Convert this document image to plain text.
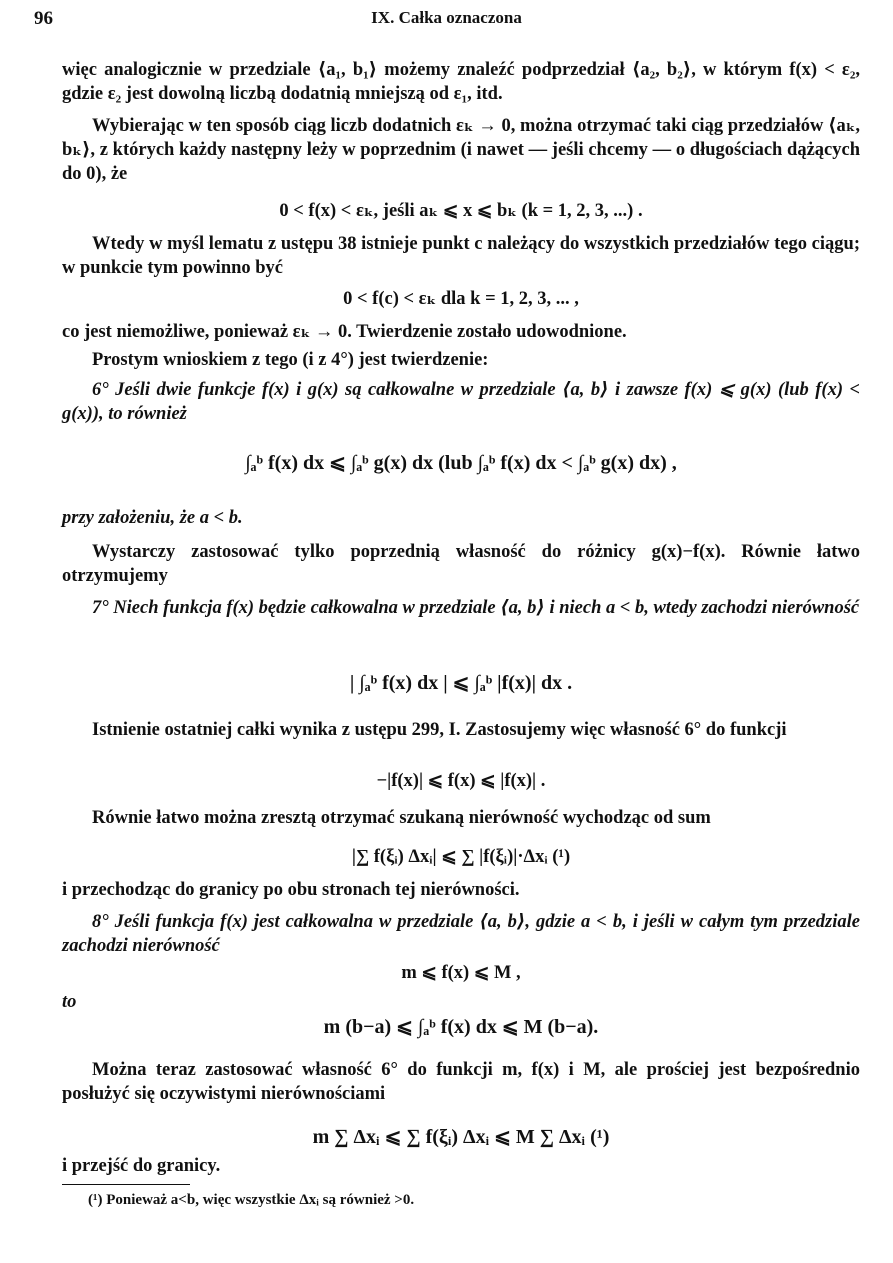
96	IX. Całka oznaczona
więc analogicznie w przedziale ⟨a₁, b₁⟩ możemy znaleźć podprzedział ⟨a₂, b₂⟩, w którym f(x) < ε₂, gdzie ε₂ jest dowolną liczbą dodatnią mniejszą od ε₁, itd.
Wybierając w ten sposób ciąg liczb dodatnich εₖ → 0, można otrzymać taki ciąg przedziałów ⟨aₖ, bₖ⟩, z których każdy następny leży w poprzednim (i nawet — jeśli chcemy — o długościach dążących do 0), że
0 < f(x) < εₖ, jeśli aₖ ⩽ x ⩽ bₖ (k = 1, 2, 3, ...) .
Wtedy w myśl lematu z ustępu 38 istnieje punkt c należący do wszystkich przedziałów tego ciągu; w punkcie tym powinno być
0 < f(c) < εₖ dla k = 1, 2, 3, ... ,
co jest niemożliwe, ponieważ εₖ → 0. Twierdzenie zostało udowodnione.
Prostym wnioskiem z tego (i z 4°) jest twierdzenie:
6° Jeśli dwie funkcje f(x) i g(x) są całkowalne w przedziale ⟨a, b⟩ i zawsze f(x) ⩽ g(x) (lub f(x) < g(x)), to również
∫ₐᵇ f(x) dx ⩽ ∫ₐᵇ g(x) dx (lub ∫ₐᵇ f(x) dx < ∫ₐᵇ g(x) dx) ,
przy założeniu, że a < b.
Wystarczy zastosować tylko poprzednią własność do różnicy g(x)−f(x). Równie łatwo otrzymujemy
7° Niech funkcja f(x) będzie całkowalna w przedziale ⟨a, b⟩ i niech a < b, wtedy zachodzi nierówność
| ∫ₐᵇ f(x) dx | ⩽ ∫ₐᵇ |f(x)| dx .
Istnienie ostatniej całki wynika z ustępu 299, I. Zastosujemy więc własność 6° do funkcji
−|f(x)| ⩽ f(x) ⩽ |f(x)| .
Równie łatwo można zresztą otrzymać szukaną nierówność wychodząc od sum
|∑ f(ξᵢ) Δxᵢ| ⩽ ∑ |f(ξᵢ)|·Δxᵢ (¹)
i przechodząc do granicy po obu stronach tej nierówności.
8° Jeśli funkcja f(x) jest całkowalna w przedziale ⟨a, b⟩, gdzie a < b, i jeśli w całym tym przedziale zachodzi nierówność
m ⩽ f(x) ⩽ M ,
to
m (b−a) ⩽ ∫ₐᵇ f(x) dx ⩽ M (b−a).
Można teraz zastosować własność 6° do funkcji m, f(x) i M, ale prościej jest bezpośrednio posłużyć się oczywistymi nierównościami
m ∑ Δxᵢ ⩽ ∑ f(ξᵢ) Δxᵢ ⩽ M ∑ Δxᵢ (¹)
i przejść do granicy.
(¹) Ponieważ a<b, więc wszystkie Δxᵢ są również >0.
